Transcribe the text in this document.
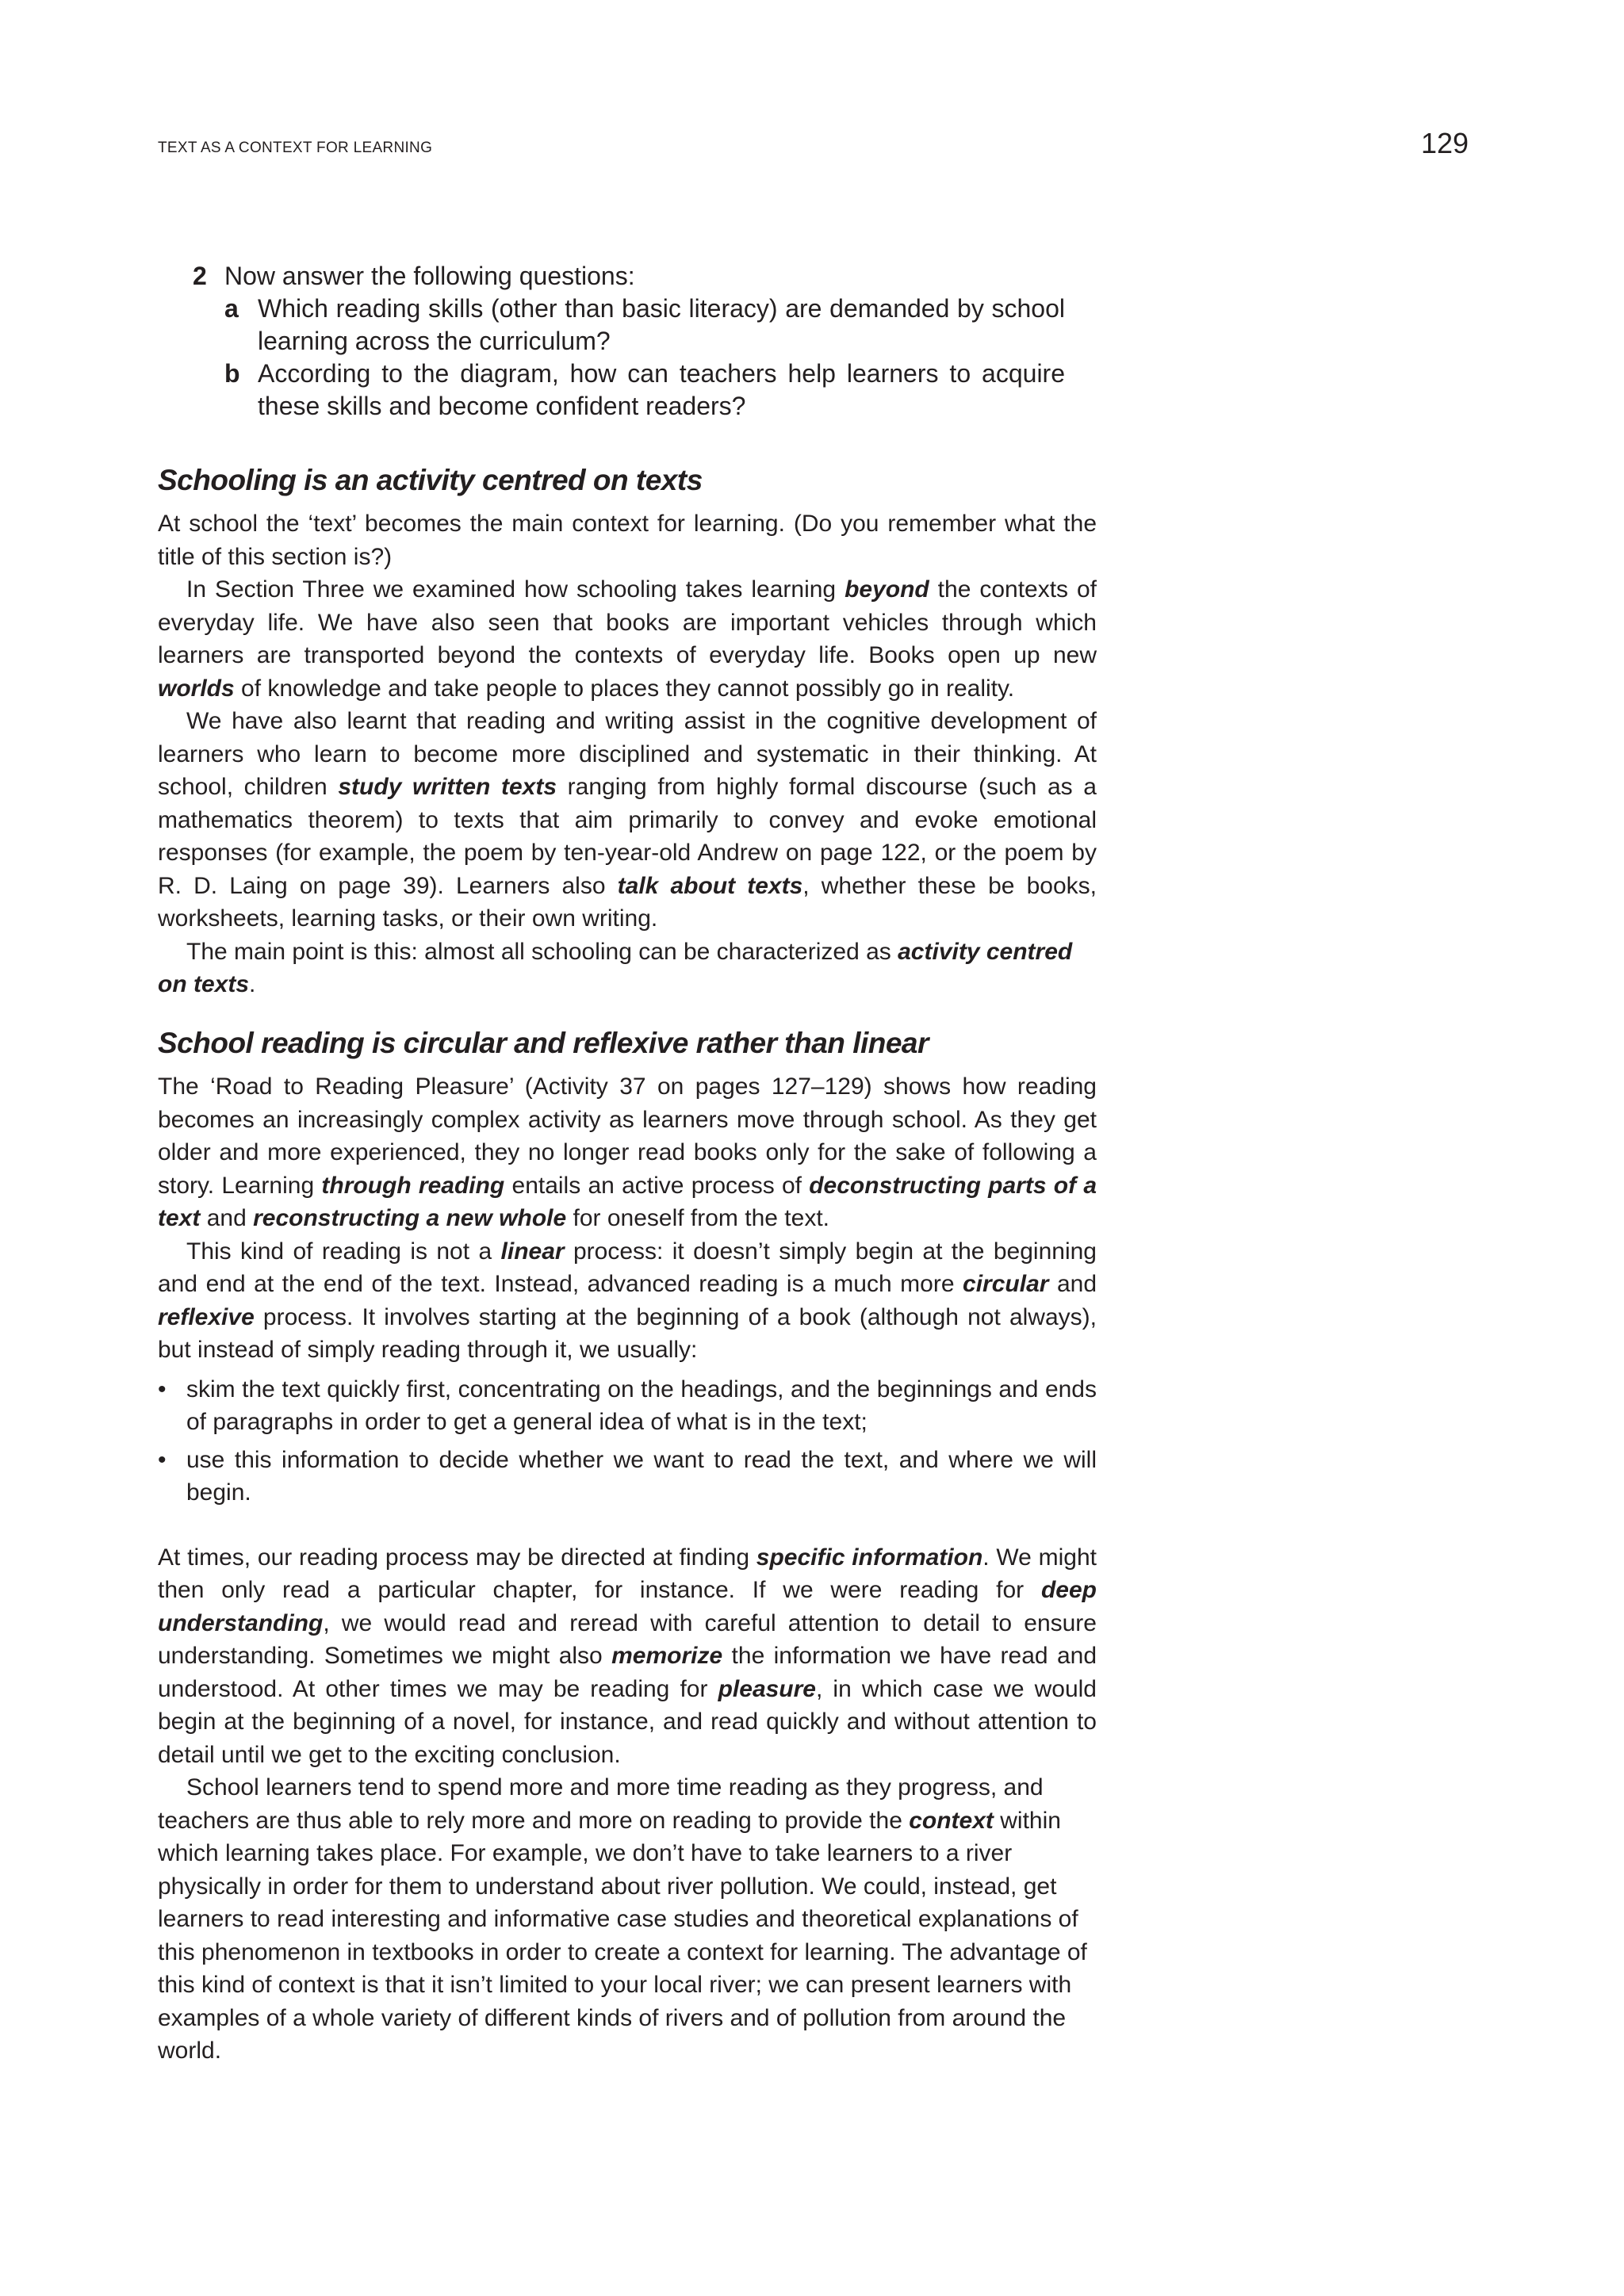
TEXT AS A CONTEXT FOR LEARNING	129
2 Now answer the following questions:
a Which reading skills (other than basic literacy) are demanded by school learning across the curriculum?
b According to the diagram, how can teachers help learners to acquire these skills and become confident readers?
Schooling is an activity centred on texts

At school the ‘text’ becomes the main context for learning. (Do you remember what the title of this section is?)

In Section Three we examined how schooling takes learning beyond the contexts of everyday life. We have also seen that books are important vehicles through which learners are transported beyond the contexts of everyday life. Books open up new worlds of knowledge and take people to places they cannot possibly go in reality.

We have also learnt that reading and writing assist in the cognitive development of learners who learn to become more disciplined and systematic in their thinking. At school, children study written texts ranging from highly formal discourse (such as a mathematics theorem) to texts that aim primarily to convey and evoke emotional responses (for example, the poem by ten-year-old Andrew on page 122, or the poem by R. D. Laing on page 39). Learners also talk about texts, whether these be books, worksheets, learning tasks, or their own writing.

The main point is this: almost all schooling can be characterized as activity centred on texts.

School reading is circular and reflexive rather than linear

The ‘Road to Reading Pleasure’ (Activity 37 on pages 127–129) shows how reading becomes an increasingly complex activity as learners move through school. As they get older and more experienced, they no longer read books only for the sake of following a story. Learning through reading entails an active process of deconstructing parts of a text and reconstructing a new whole for oneself from the text.

This kind of reading is not a linear process: it doesn’t simply begin at the beginning and end at the end of the text. Instead, advanced reading is a much more circular and reflexive process. It involves starting at the beginning of a book (although not always), but instead of simply reading through it, we usually:

• skim the text quickly first, concentrating on the headings, and the beginnings and ends of paragraphs in order to get a general idea of what is in the text;
• use this information to decide whether we want to read the text, and where we will begin.

At times, our reading process may be directed at finding specific information. We might then only read a particular chapter, for instance. If we were reading for deep understanding, we would read and reread with careful attention to detail to ensure understanding. Sometimes we might also memorize the information we have read and understood. At other times we may be reading for pleasure, in which case we would begin at the beginning of a novel, for instance, and read quickly and without attention to detail until we get to the exciting conclusion.

School learners tend to spend more and more time reading as they progress, and teachers are thus able to rely more and more on reading to provide the context within which learning takes place. For example, we don’t have to take learners to a river physically in order for them to understand about river pollution. We could, instead, get learners to read interesting and informative case studies and theoretical explanations of this phenomenon in textbooks in order to create a context for learning. The advantage of this kind of context is that it isn’t limited to your local river; we can present learners with examples of a whole variety of different kinds of rivers and of pollution from around the world.
